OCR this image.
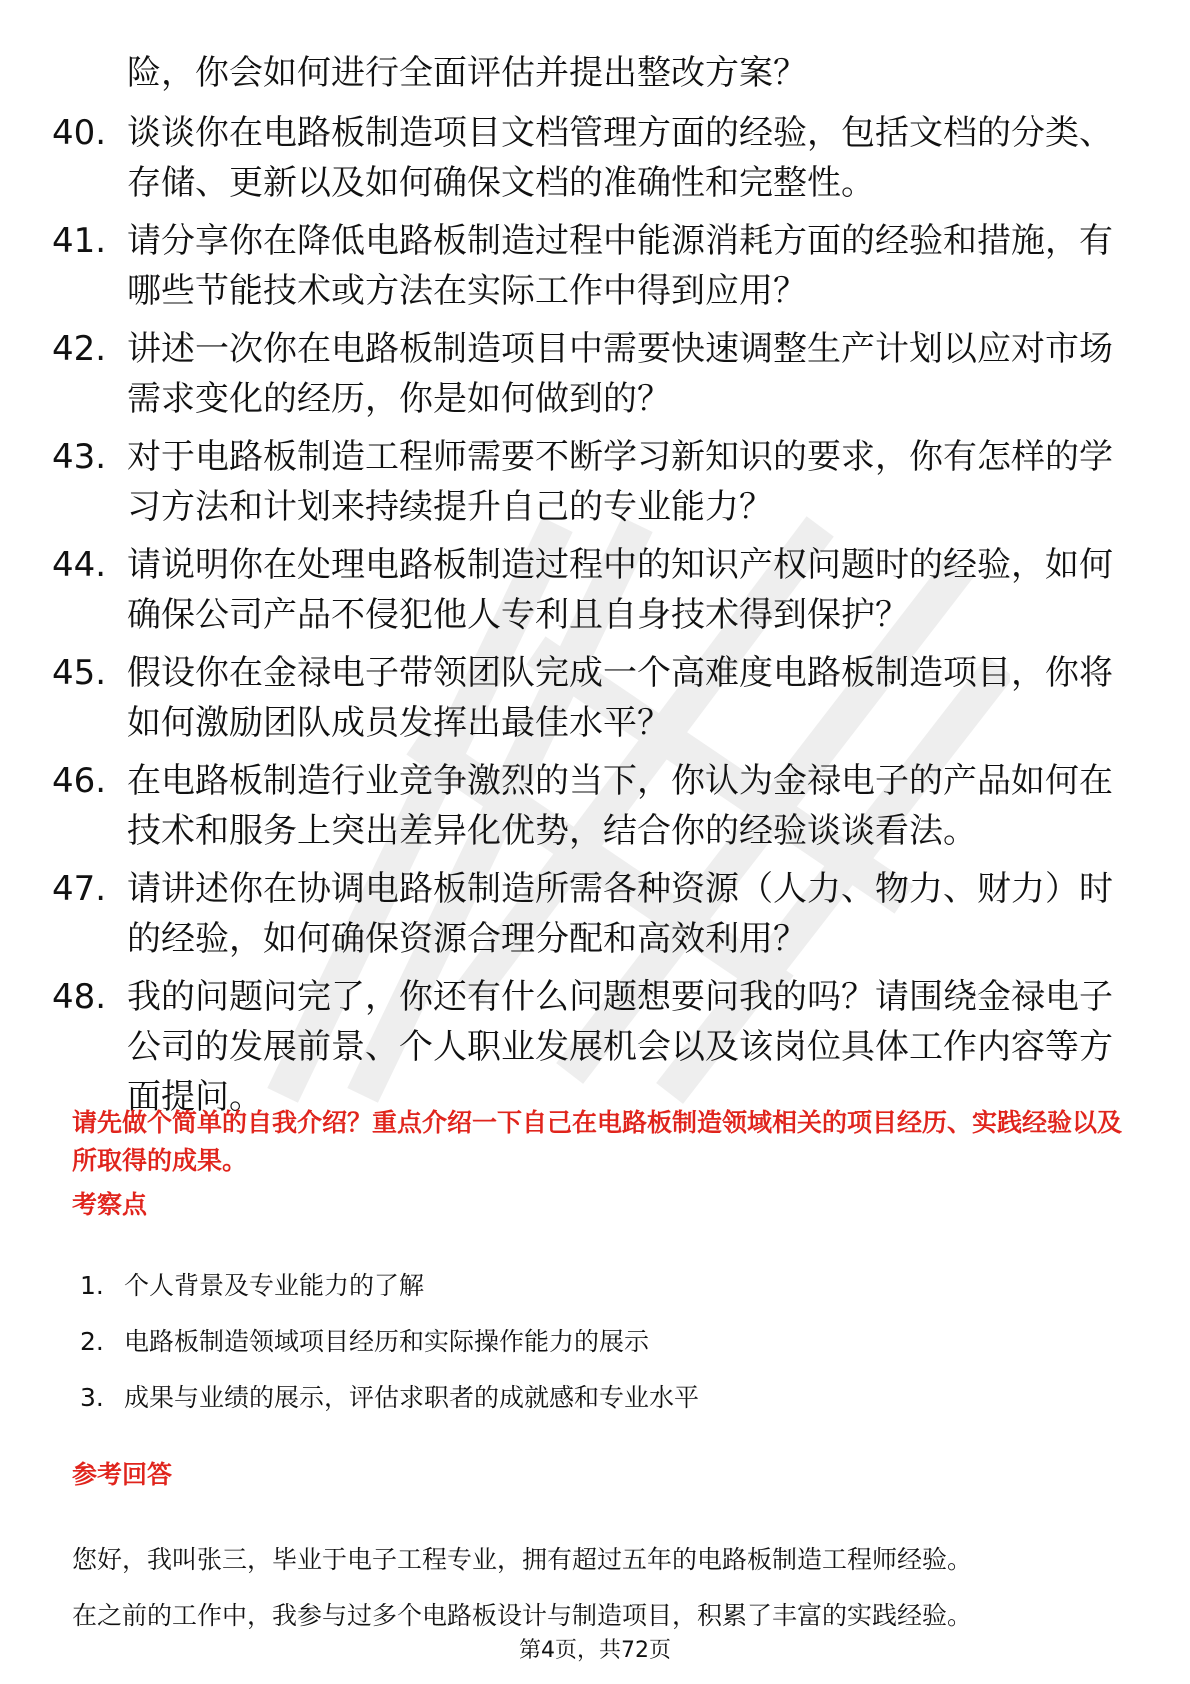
险，你会如何进行全面评估并提出整改方案？
40. 谈谈你在电路板制造项目文档管理方面的经验，包括文档的分类、存储、更新以及如何确保文档的准确性和完整性。
41. 请分享你在降低电路板制造过程中能源消耗方面的经验和措施，有哪些节能技术或方法在实际工作中得到应用？
42. 讲述一次你在电路板制造项目中需要快速调整生产计划以应对市场需求变化的经历，你是如何做到的？
43. 对于电路板制造工程师需要不断学习新知识的要求，你有怎样的学习方法和计划来持续提升自己的专业能力？
44. 请说明你在处理电路板制造过程中的知识产权问题时的经验，如何确保公司产品不侵犯他人专利且自身技术得到保护？
45. 假设你在金禄电子带领团队完成一个高难度电路板制造项目，你将如何激励团队成员发挥出最佳水平？
46. 在电路板制造行业竞争激烈的当下，你认为金禄电子的产品如何在技术和服务上突出差异化优势，结合你的经验谈谈看法。
47. 请讲述你在协调电路板制造所需各种资源（人力、物力、财力）时的经验，如何确保资源合理分配和高效利用？
48. 我的问题问完了，你还有什么问题想要问我的吗？请围绕金禄电子公司的发展前景、个人职业发展机会以及该岗位具体工作内容等方面提问。
请先做个简单的自我介绍？重点介绍一下自己在电路板制造领域相关的项目经历、实践经验以及所取得的成果。
考察点
1. 个人背景及专业能力的了解
2. 电路板制造领域项目经历和实际操作能力的展示
3. 成果与业绩的展示，评估求职者的成就感和专业水平
参考回答
您好，我叫张三，毕业于电子工程专业，拥有超过五年的电路板制造工程师经验。
在之前的工作中，我参与过多个电路板设计与制造项目，积累了丰富的实践经验。
第4页，共72页
